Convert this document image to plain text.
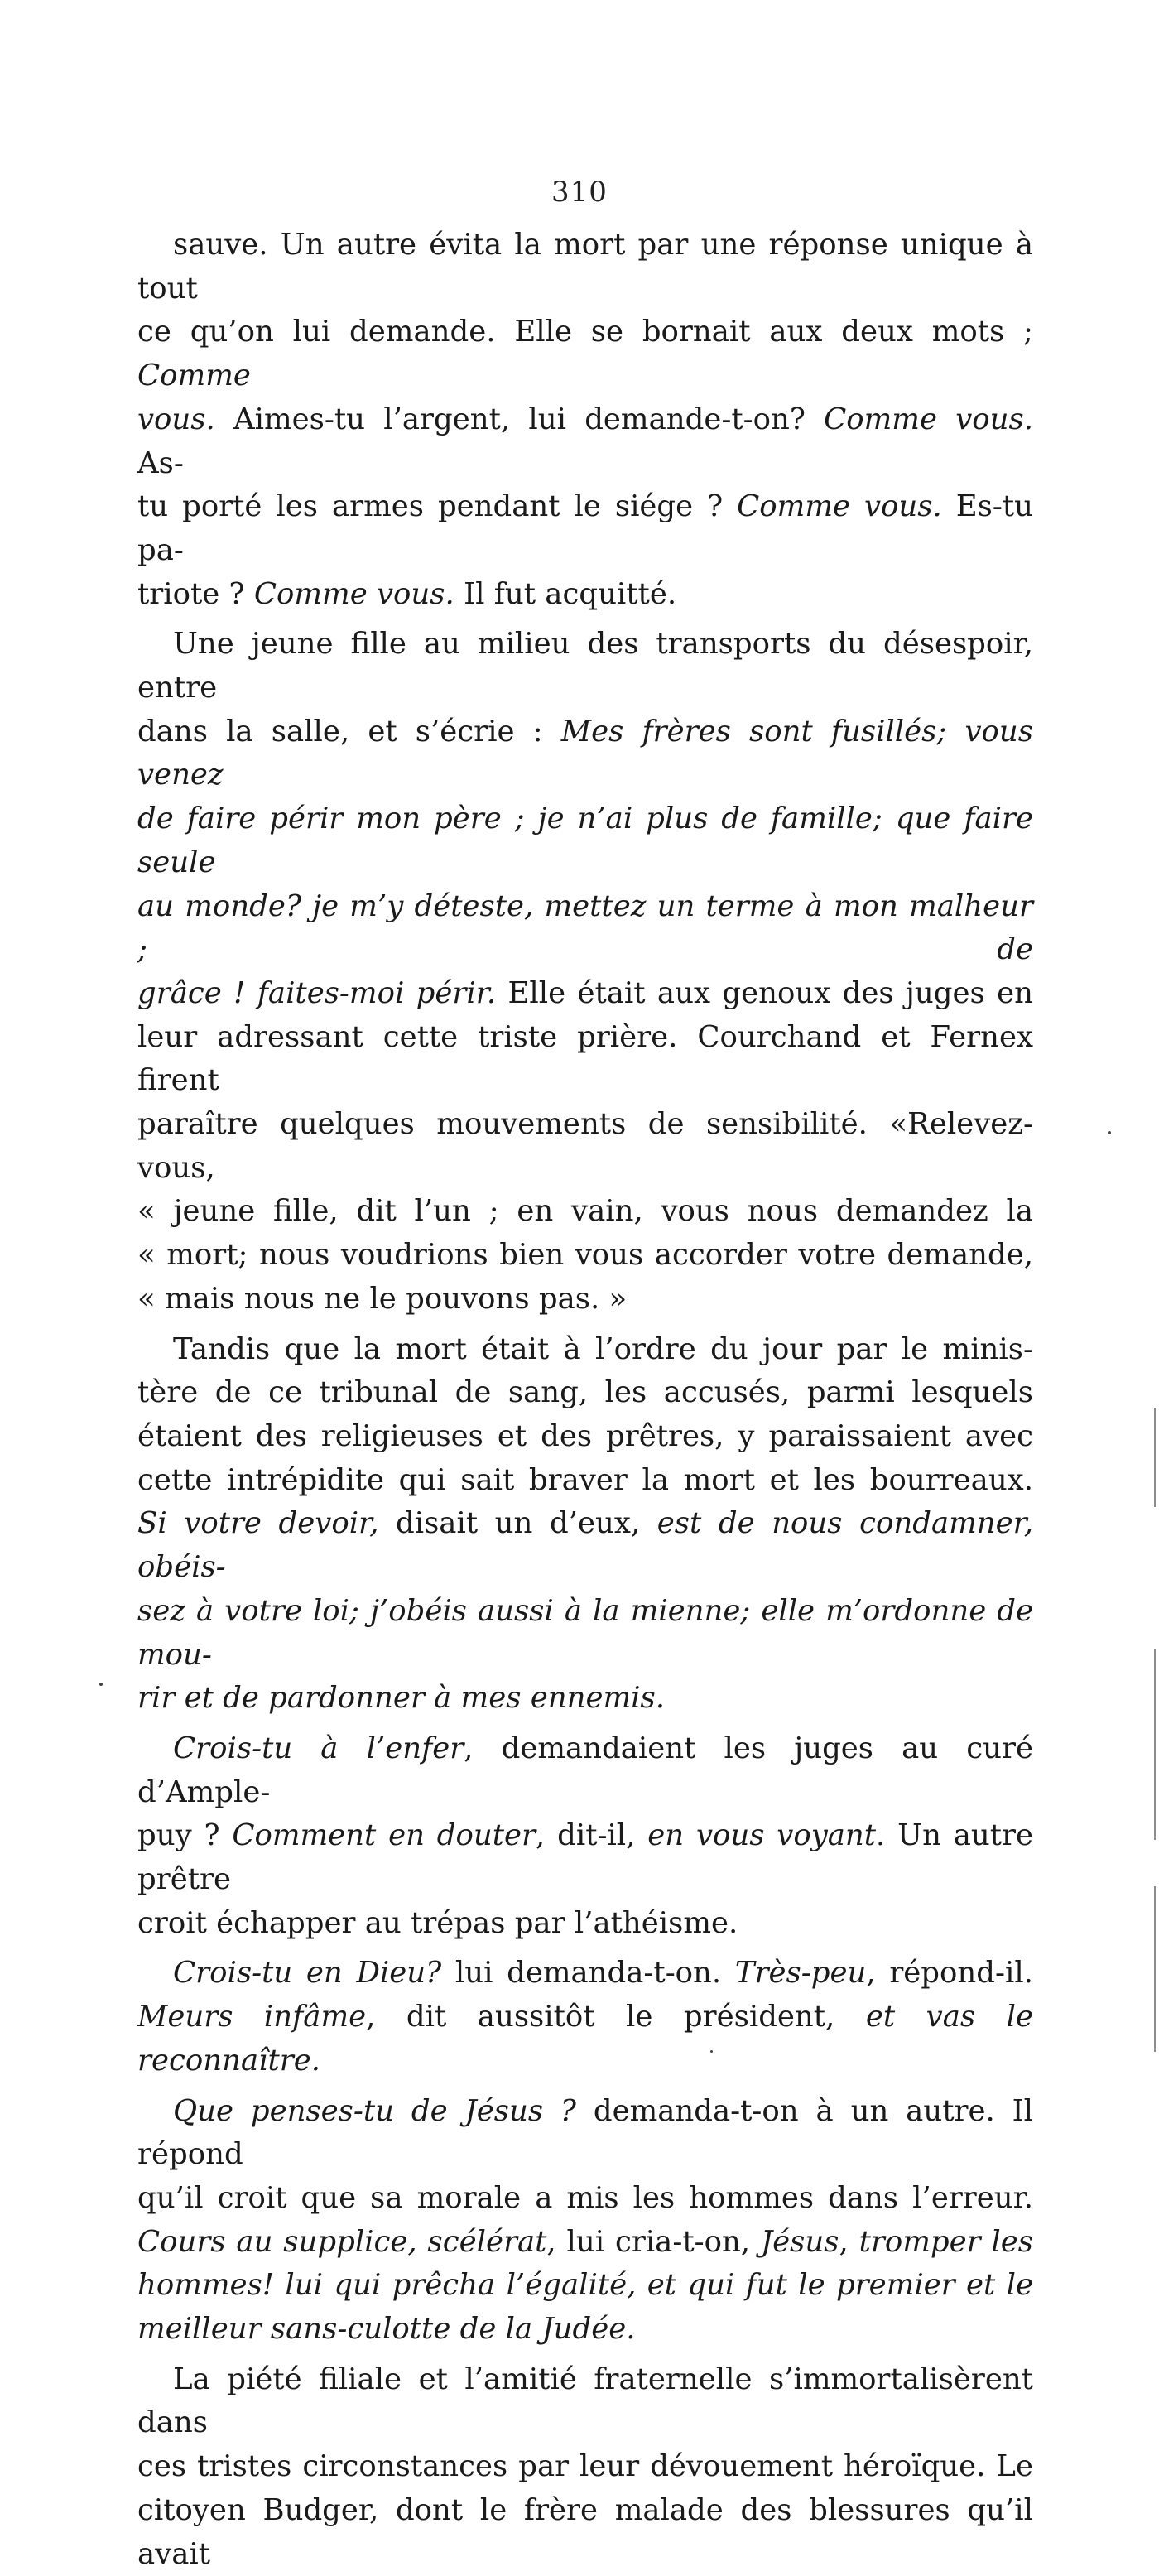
310
sauve. Un autre évita la mort par une réponse unique à tout
ce qu’on lui demande. Elle se bornait aux deux mots ; Comme
vous. Aimes-tu l’argent, lui demande-t-on? Comme vous. As-
tu porté les armes pendant le siége ? Comme vous. Es-tu pa-
triote ? Comme vous. Il fut acquitté.
Une jeune fille au milieu des transports du désespoir, entre
dans la salle, et s’écrie : Mes frères sont fusillés; vous venez
de faire périr mon père ; je n’ai plus de famille; que faire seule
au monde? je m’y déteste, mettez un terme à mon malheur ; de
grâce ! faites-moi périr. Elle était aux genoux des juges en
leur adressant cette triste prière. Courchand et Fernex firent
paraître quelques mouvements de sensibilité. «Relevez-vous,
« jeune fille, dit l’un ; en vain, vous nous demandez la
« mort; nous voudrions bien vous accorder votre demande,
« mais nous ne le pouvons pas. »
Tandis que la mort était à l’ordre du jour par le minis-
tère de ce tribunal de sang, les accusés, parmi lesquels
étaient des religieuses et des prêtres, y paraissaient avec
cette intrépidite qui sait braver la mort et les bourreaux.
Si votre devoir, disait un d’eux, est de nous condamner, obéis-
sez à votre loi; j’obéis aussi à la mienne; elle m’ordonne de mou-
rir et de pardonner à mes ennemis.
Crois-tu à l’enfer, demandaient les juges au curé d’Ample-
puy ? Comment en douter, dit-il, en vous voyant. Un autre prêtre
croit échapper au trépas par l’athéisme.
Crois-tu en Dieu? lui demanda-t-on. Très-peu, répond-il.
Meurs infâme, dit aussitôt le président, et vas le reconnaître.
Que penses-tu de Jésus ? demanda-t-on à un autre. Il répond
qu’il croit que sa morale a mis les hommes dans l’erreur.
Cours au supplice, scélérat, lui cria-t-on, Jésus, tromper les
hommes! lui qui prêcha l’égalité, et qui fut le premier et le
meilleur sans-culotte de la Judée.
La piété filiale et l’amitié fraternelle s’immortalisèrent dans
ces tristes circonstances par leur dévouement héroïque. Le
citoyen Budger, dont le frère malade des blessures qu’il avait
